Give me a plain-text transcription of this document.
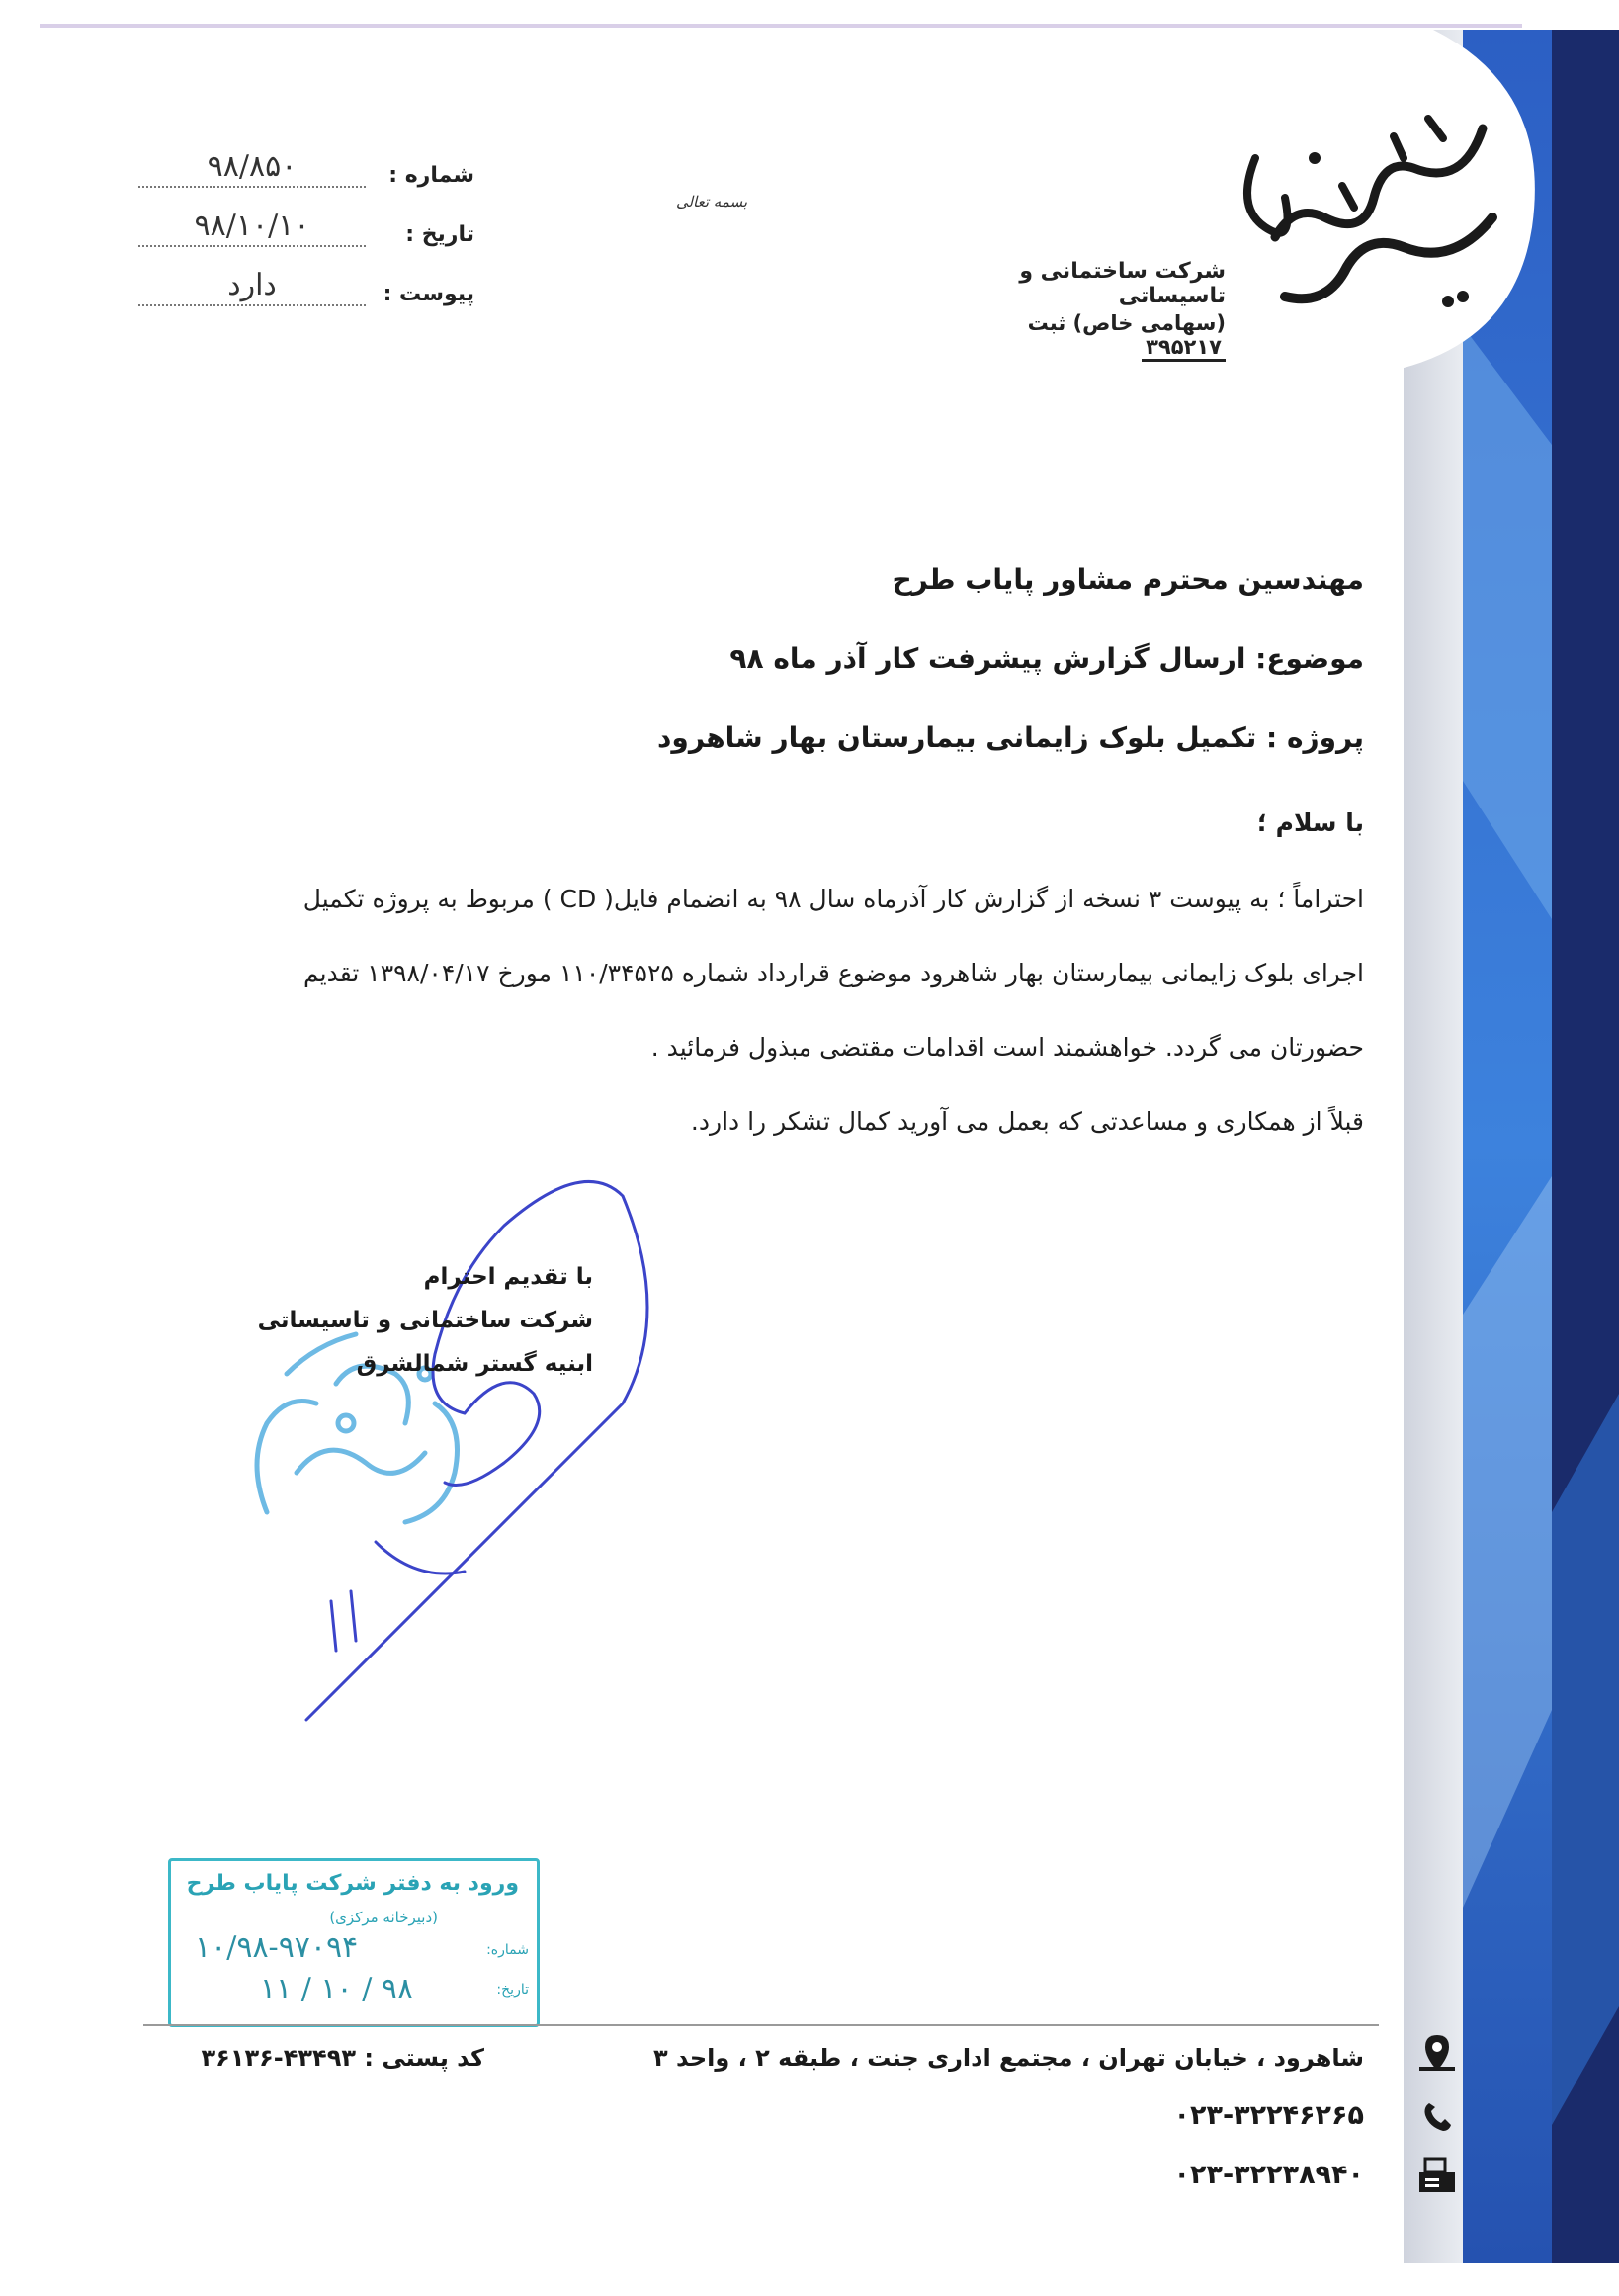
شرکت ساختمانی و تاسیساتی
(سهامی خاص) ثبت ۳۹۵۲۱۷
بسمه تعالی
شماره :
۹۸/۸۵۰
تاریخ :
۹۸/۱۰/۱۰
پیوست :
دارد

مهندسین محترم مشاور پایاب طرح

موضوع: ارسال گزارش پیشرفت کار آذر ماه ۹۸

پروژه : تکمیل بلوک زایمانی بیمارستان بهار شاهرود

با سلام ؛
احتراماً ؛ به پیوست ۳ نسخه از گزارش کار آذرماه سال ۹۸ به انضمام فایل( CD ) مربوط به پروژه تکمیل
اجرای بلوک زایمانی بیمارستان بهار شاهرود موضوع قرارداد شماره ۱۱۰/۳۴۵۲۵ مورخ ۱۳۹۸/۰۴/۱۷ تقدیم
حضورتان می گردد. خواهشمند است اقدامات مقتضی مبذول فرمائید .
قبلاً از همکاری و مساعدتی که بعمل می آورید کمال تشکر را دارد.
با تقدیم احترام
شرکت ساختمانی و تاسیساتی
ابنیه گستر شمالشرق
ورود به دفتر شرکت پایاب طرح
(دبیرخانه مرکزی)
شماره:
تاریخ:
۱۰/۹۸-۹۷۰۹۴
۹۸ / ۱۰ / ۱۱
شاهرود ، خیابان تهران ، مجتمع اداری جنت ، طبقه ۲ ، واحد ۳
کد پستی : ۴۳۴۹۳-۳۶۱۳۶
۰۲۳-۳۲۲۴۶۲۶۵
۰۲۳-۳۲۲۳۸۹۴۰
